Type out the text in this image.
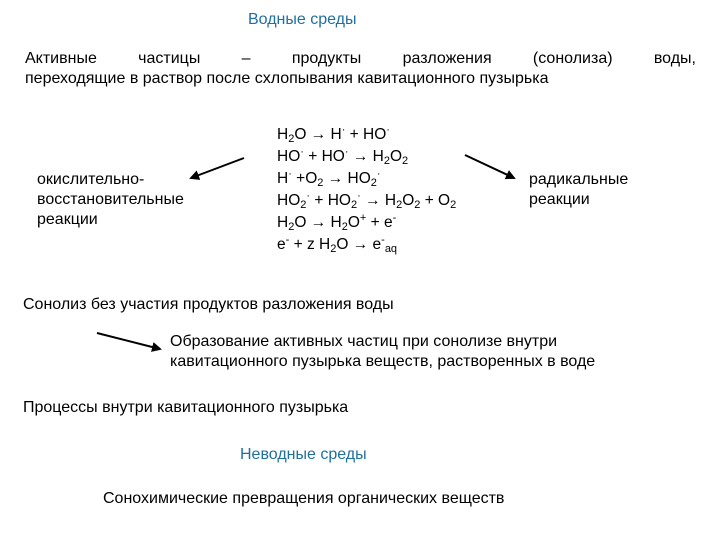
Водные среды
Активные частицы – продукты разложения (сонолиза) воды,
переходящие в раствор после схлопывания кавитационного пузырька
окислительно-
восстановительные
реакции
радикальные
реакции
$H_2O \to H^\cdot + HO^\cdot$
$HO^\cdot + HO^\cdot \to H_2O_2$
$H^\cdot +O_2 \to HO_2^\cdot$
$HO_2^\cdot + HO_2^\cdot \to H_2O_2 + O_2$
$H_2O \to H_2O^+ + e^-$
e- + z $H_2O \to e^-_{aq}$
Сонолиз без участия продуктов разложения воды
Образование активных частиц при сонолизе внутри
кавитационного пузырька веществ, растворенных в воде
Процессы внутри кавитационного пузырька
Неводные среды
Сонохимические превращения органических веществ
